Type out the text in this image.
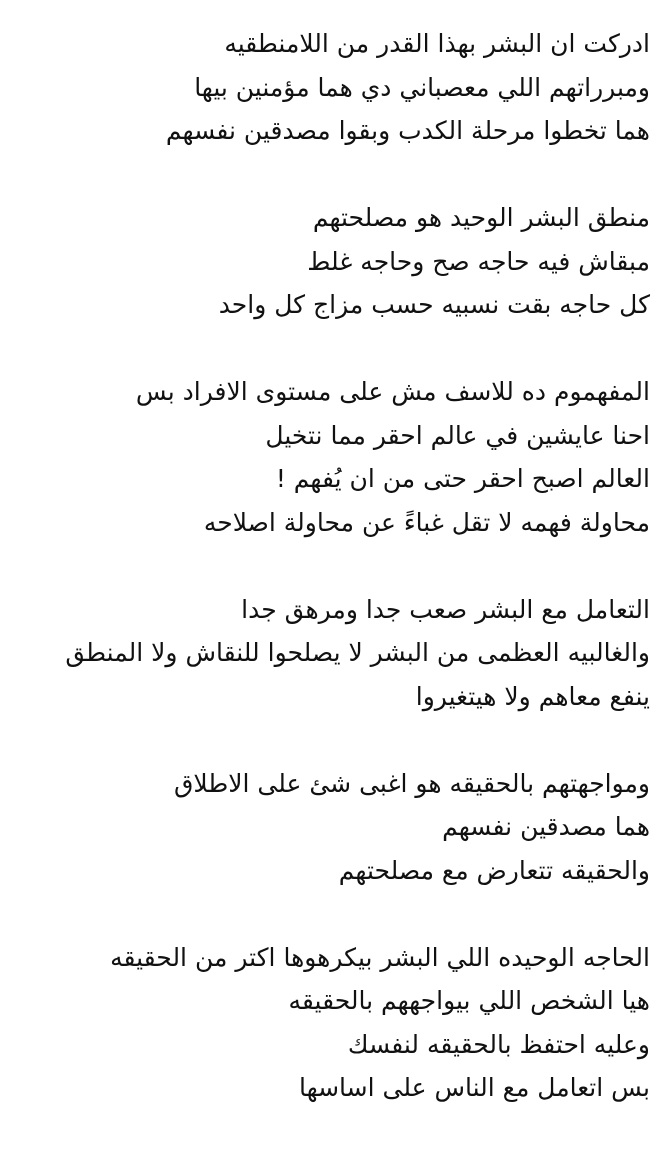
ادركت ان البشر بهذا القدر من اللامنطقيه
ومبرراتهم اللي معصباني دي هما مؤمنين بيها
هما تخطوا مرحلة الكدب وبقوا مصدقين نفسهم
منطق البشر الوحيد هو مصلحتهم
مبقاش فيه حاجه صح وحاجه غلط
كل حاجه بقت نسبيه حسب مزاج كل واحد
المفهموم ده للاسف مش على مستوى الافراد بس
احنا عايشين في عالم احقر مما نتخيل
العالم اصبح احقر حتى من ان يُفهم !
محاولة فهمه لا تقل غباءً عن محاولة اصلاحه
التعامل مع البشر صعب جدا ومرهق جدا
والغالبيه العظمى من البشر لا يصلحوا للنقاش ولا المنطق
ينفع معاهم ولا هيتغيروا
ومواجهتهم بالحقيقه هو اغبى شئ على الاطلاق
هما مصدقين نفسهم
والحقيقه تتعارض مع مصلحتهم
الحاجه الوحيده اللي البشر بيكرهوها اكتر من الحقيقه
هيا الشخص اللي بيواجههم بالحقيقه
وعليه احتفظ بالحقيقه لنفسك
بس اتعامل مع الناس على اساسها
